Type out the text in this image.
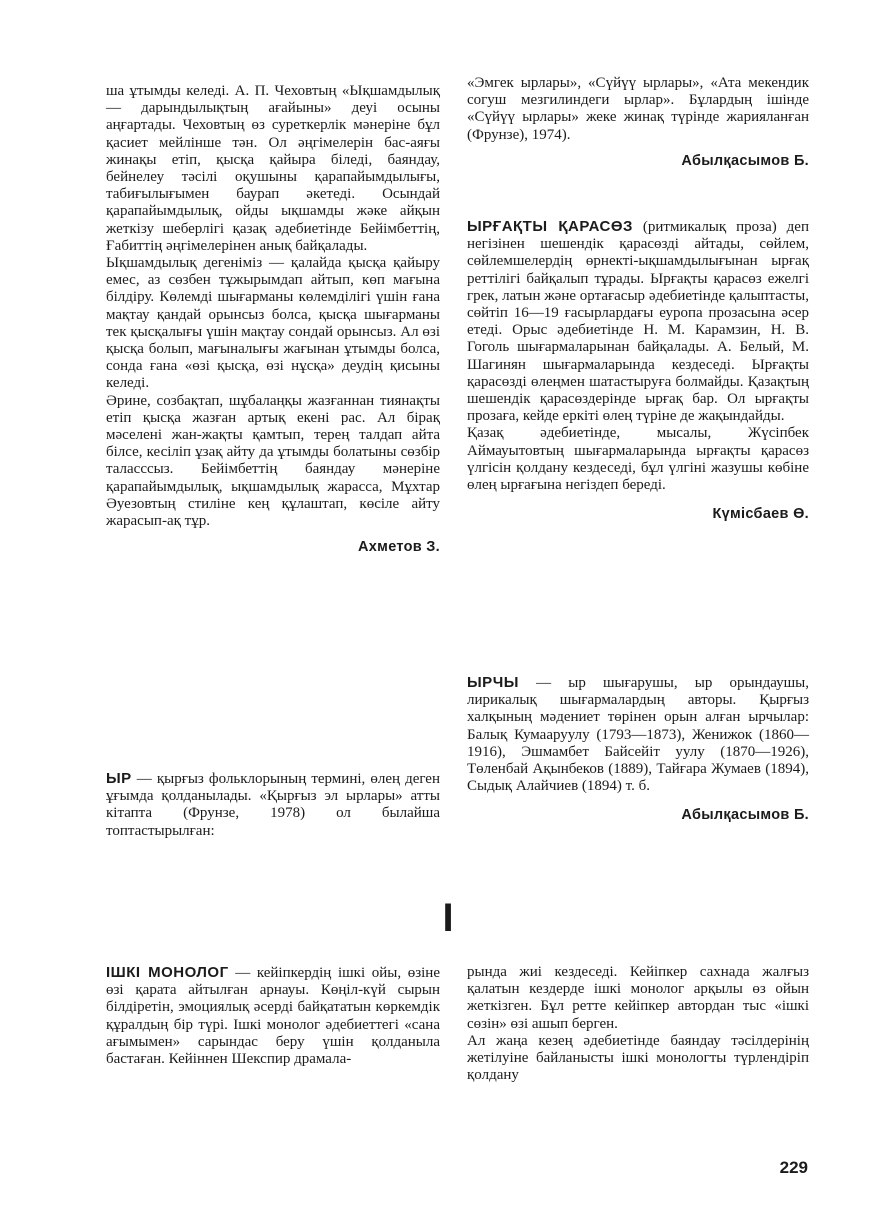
ша ұтымды келеді. А. П. Чеховтың «Ықшамдылық — дарындылықтың ағайыны» деуі осыны аңғартады. Чеховтың өз суреткерлік мәнеріне бұл қасиет мейлінше тән. Ол әңгімелерін бас-аяғы жинақы етіп, қысқа қайыра біледі, баяндау, бейнелеу тәсілі оқушыны қарапайымдылығы, табиғылығымен баурап әкетеді. Осындай қарапайымдылық, ойды ықшамды жәке айқын жеткізу шеберлігі қазақ әдебиетінде Бейімбеттің, Ғабиттің әңгімелерінен анық байқалады.

Ықшамдылық дегеніміз — қалайда қысқа қайыру емес, аз сөзбен тұжырымдап айтып, көп мағына білдіру. Көлемді шығарманы көлемділігі үшін ғана мақтау қандай орынсыз болса, қысқа шығарманы тек қысқалығы үшін мақтау сондай орынсыз. Ал өзі қысқа болып, мағыналығы жағынан ұтымды болса, сонда ғана «өзі қысқа, өзі нұсқа» деудің қисыны келеді.

Әрине, созбақтап, шұбалаңқы жазғаннан тиянақты етіп қысқа жазған артық екені рас. Ал бірақ мәселені жан-жақты қамтып, терең талдап айта білсе, кесіліп ұзақ айту да ұтымды болатыны сөзбір таласссыз. Бейімбеттің баяндау мәнеріне қарапайымдылық, ықшамдылық жарасса, Мұхтар Әуезовтың стиліне кең құлаштап, көсіле айту жарасып-ақ тұр.

Ахметов З.

ЫР — қырғыз фольклорының термині, өлең деген ұғымда қолданылады. «Қырғыз эл ырлары» атты кітапта (Фрунзе, 1978) ол былайша топтастырылған:

«Эмгек ырлары», «Сүйүү ырлары», «Ата мекендик согуш мезгилиндеги ырлар». Бұлардың ішінде «Сүйүү ырлары» жеке жинақ түрінде жарияланған (Фрунзе), 1974).

Абылқасымов Б.

ЫРҒАҚТЫ ҚАРАСӨЗ (ритмикалық проза) деп негізінен шешендік қарасөзді айтады, сөйлем, сөйлемшелердің өрнекті-ықшамдылығынан ырғақ реттілігі байқалып тұрады. Ырғақты қарасөз ежелгі грек, латын және ортағасыр әдебиетінде қалыптасты, сөйтіп 16—19 ғасырлардағы еуропа прозасына әсер етеді. Орыс әдебиетінде Н. М. Карамзин, Н. В. Гоголь шығармаларынан байқалады. А. Белый, М. Шагинян шығармаларында кездеседі. Ырғақты қарасөзді өлеңмен шатастыруға болмайды. Қазақтың шешендік қарасөздерінде ырғақ бар. Ол ырғақты прозаға, кейде еркіті өлең түріне де жақындайды.

Қазақ әдебиетінде, мысалы, Жүсіпбек Аймауытовтың шығармаларында ырғақты қарасөз үлгісін қолдану кездеседі, бұл үлгіні жазушы көбіне өлең ырғағына негіздеп береді.

Күмісбаев Ө.

ЫРЧЫ — ыр шығарушы, ыр орындаушы, лирикалық шығармалардың авторы. Қырғыз халқының мәдениет төрінен орын алған ырчылар: Балық Кумааруулу (1793—1873), Женижок (1860—1916), Эшмамбет Байсейіт уулу (1870—1926), Төленбай Ақынбеков (1889), Тайғара Жумаев (1894), Сыдық Алайчиев (1894) т. б.

Абылқасымов Б.

І

ІШКІ МОНОЛОГ — кейіпкердің ішкі ойы, өзіне өзі қарата айтылған арнауы. Көңіл-күй сырын білдіретін, эмоциялық әсерді байқататын көркемдік құралдың бір түрі. Ішкі монолог әдебиеттегі «сана ағымымен» сарындас беру үшін қолданыла бастаған. Кейіннен Шекспир драмала-

рында жиі кездеседі. Кейіпкер сахнада жалғыз қалатын кездерде ішкі монолог арқылы өз ойын жеткізген. Бұл ретте кейіпкер автордан тыс «ішкі сөзін» өзі ашып берген.

Ал жаңа кезең әдебиетінде баяндау тәсілдерінің жетілуіне байланысты ішкі монологты түрлендіріп қолдану

229
